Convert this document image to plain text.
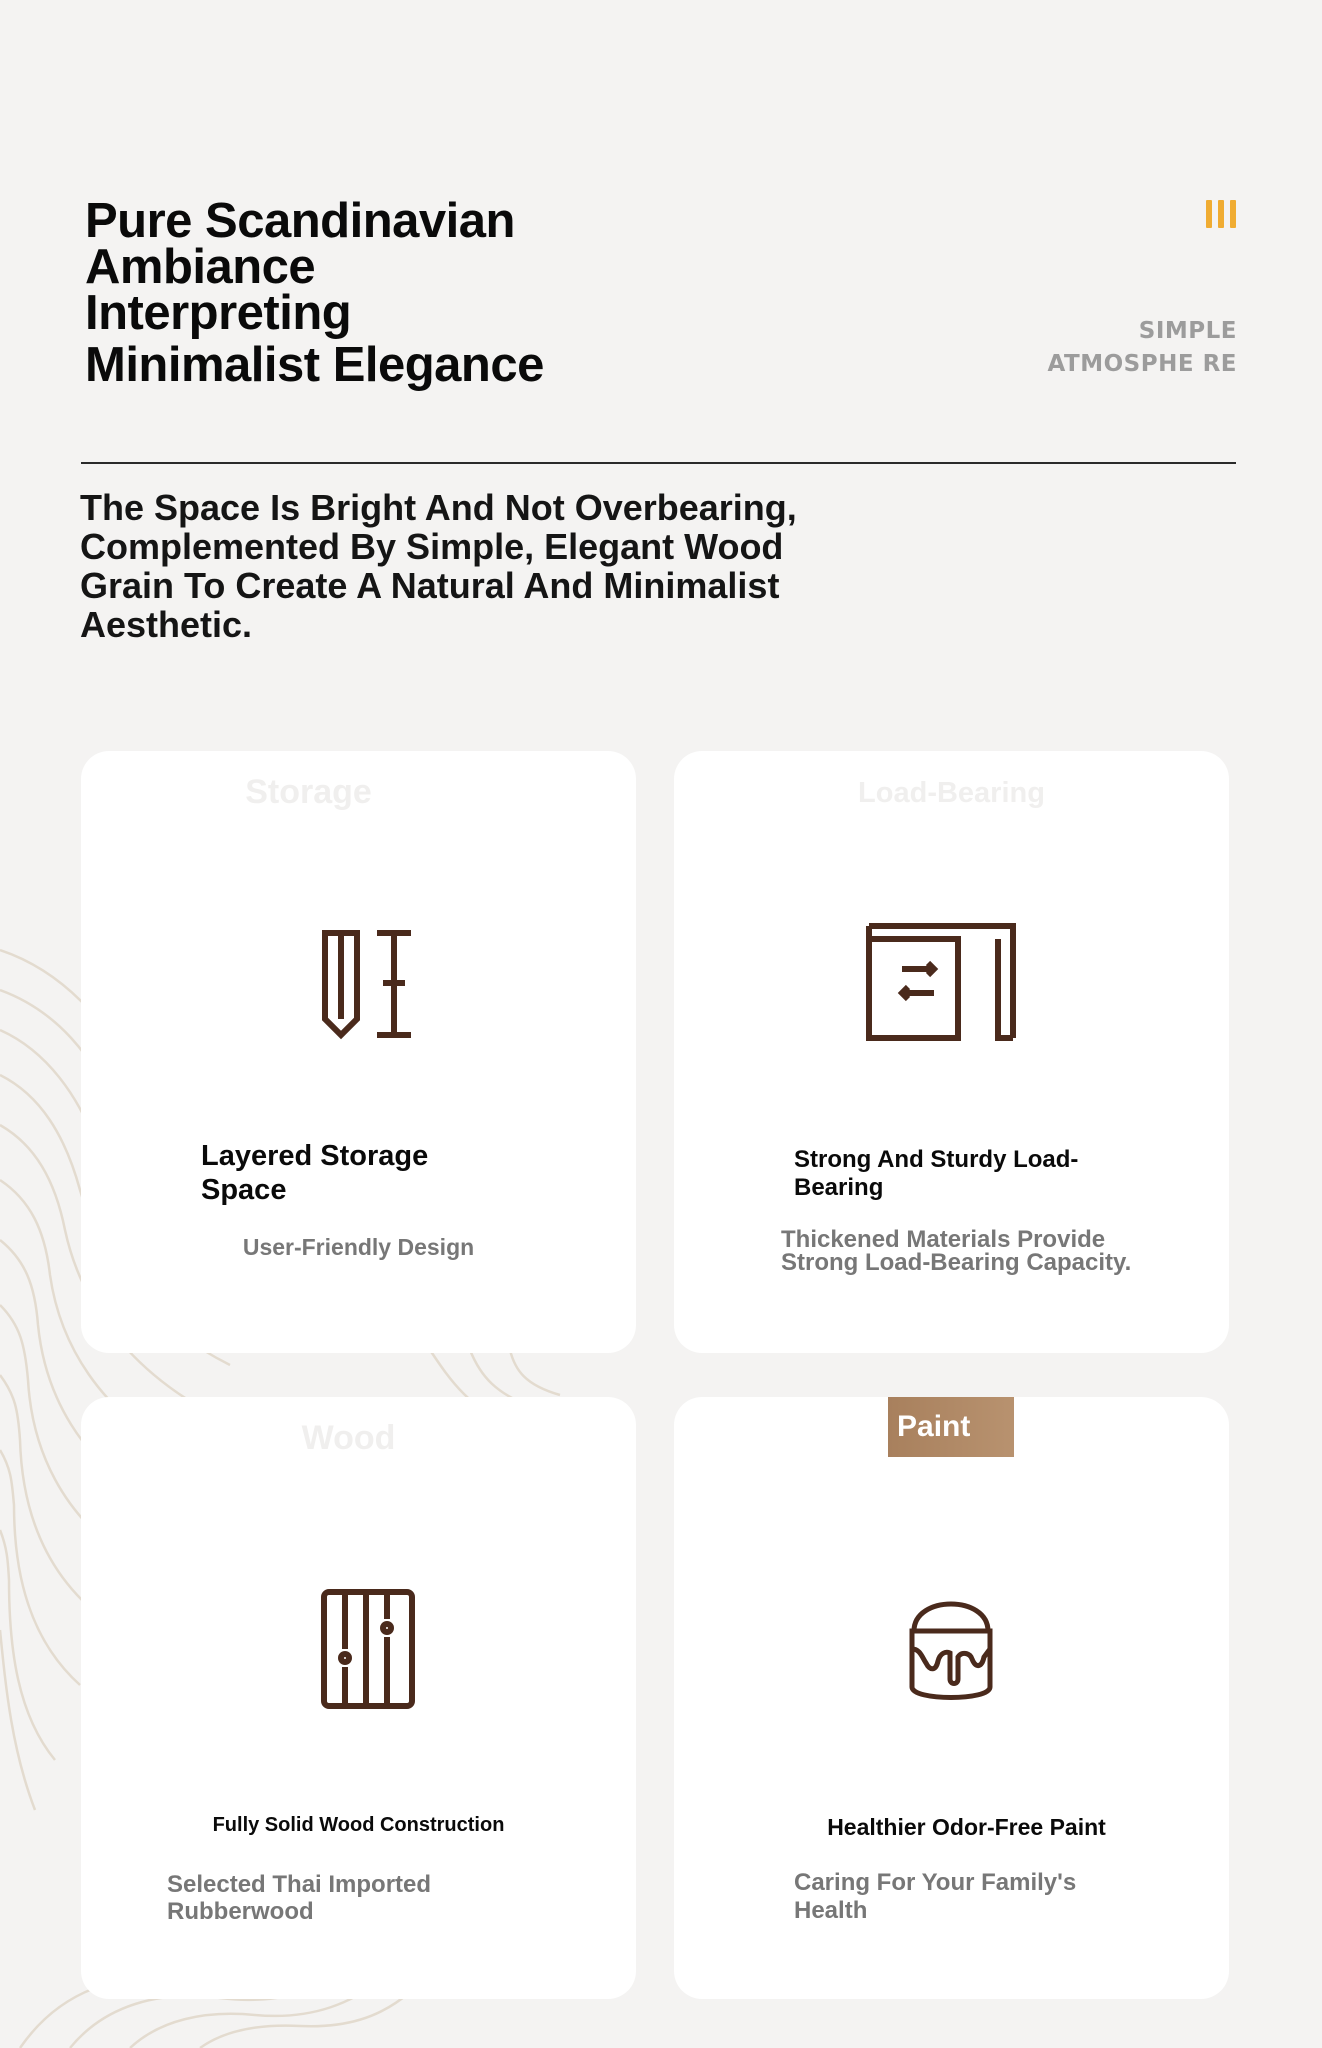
Pure Scandinavian
Ambiance
Interpreting
Minimalist Elegance
SIMPLE
ATMOSPHE RE

The Space Is Bright And Not Overbearing, Complemented By Simple, Elegant Wood Grain To Create A Natural And Minimalist Aesthetic.

Storage
Layered Storage Space
User-Friendly Design
Load-Bearing
Strong And Sturdy Load-Bearing
Thickened Materials Provide Strong Load-Bearing Capacity.
Wood
Fully Solid Wood Construction
Selected Thai Imported Rubberwood
Paint
Healthier Odor-Free Paint
Caring For Your Family's Health
